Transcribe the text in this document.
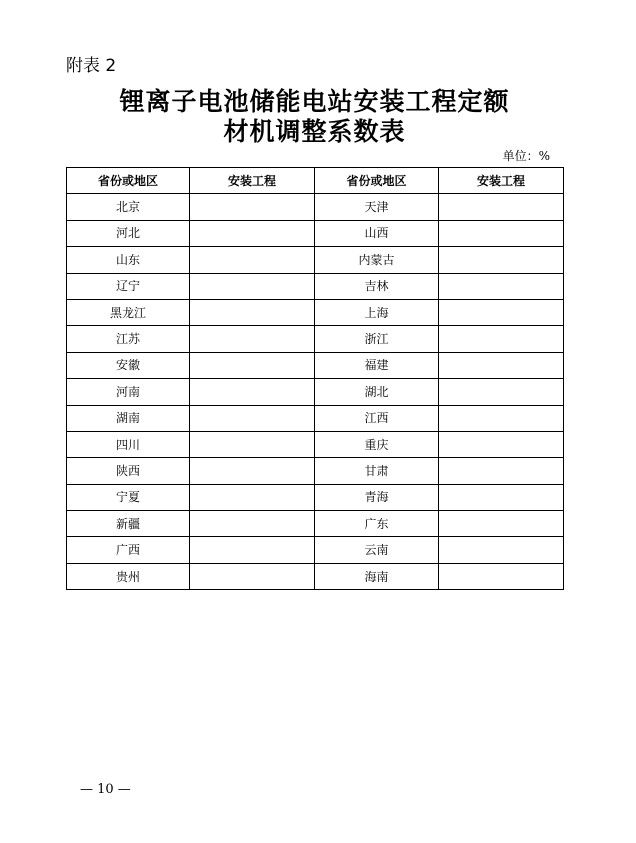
附表 2
锂离子电池储能电站安装工程定额
材机调整系数表
单位：%
省份或地区	安装工程	省份或地区	安装工程
北京		天津	
河北		山西	
山东		内蒙古	
辽宁		吉林	
黑龙江		上海	
江苏		浙江	
安徽		福建	
河南		湖北	
湖南		江西	
四川		重庆	
陕西		甘肃	
宁夏		青海	
新疆		广东	
广西		云南	
贵州		海南	
— 10 —
